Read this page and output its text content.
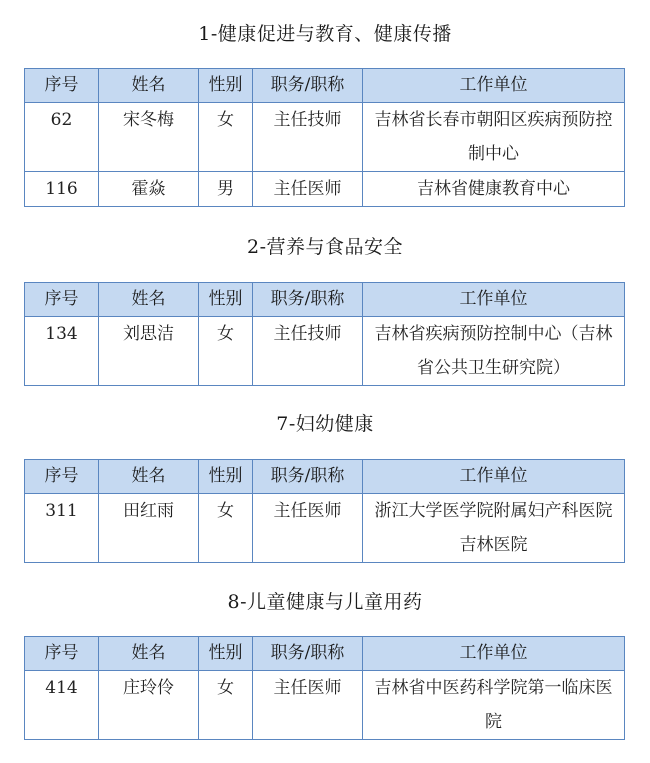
1-健康促进与教育、健康传播
序号	姓名	性别	职务/职称	工作单位
62	宋冬梅	女	主任技师	吉林省长春市朝阳区疾病预防控制中心
116	霍焱	男	主任医师	吉林省健康教育中心
2-营养与食品安全
序号	姓名	性别	职务/职称	工作单位
134	刘思洁	女	主任技师	吉林省疾病预防控制中心（吉林省公共卫生研究院）
7-妇幼健康
序号	姓名	性别	职务/职称	工作单位
311	田红雨	女	主任医师	浙江大学医学院附属妇产科医院吉林医院
8-儿童健康与儿童用药
序号	姓名	性别	职务/职称	工作单位
414	庄玲伶	女	主任医师	吉林省中医药科学院第一临床医院
